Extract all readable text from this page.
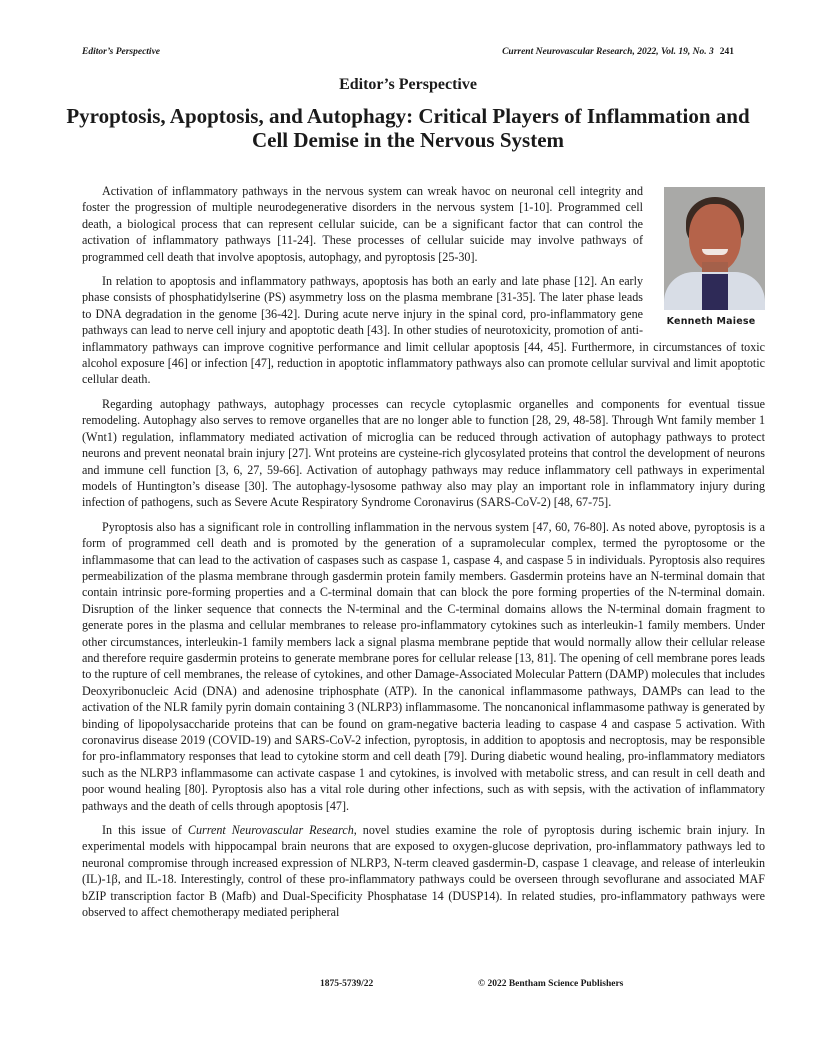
Editor’s Perspective	Current Neurovascular Research, 2022, Vol. 19, No. 3 241
Editor’s Perspective
Pyroptosis, Apoptosis, and Autophagy: Critical Players of Inflammation and Cell Demise in the Nervous System
Kenneth Maiese

Activation of inflammatory pathways in the nervous system can wreak havoc on neuronal cell integrity and foster the progression of multiple neurodegenerative disorders in the nervous system [1-10]. Programmed cell death, a biological process that can represent cellular suicide, can be a significant factor that can control the activation of inflammatory pathways [11-24]. These processes of cellular suicide may involve pathways of programmed cell death that involve apoptosis, autophagy, and pyroptosis [25-30].

In relation to apoptosis and inflammatory pathways, apoptosis has both an early and late phase [12]. An early phase consists of phosphatidylserine (PS) asymmetry loss on the plasma membrane [31-35]. The later phase leads to DNA degradation in the genome [36-42]. During acute nerve injury in the spinal cord, pro-inflammatory gene pathways can lead to nerve cell injury and apoptotic death [43]. In other studies of neurotoxicity, promotion of anti-inflammatory pathways can improve cognitive performance and limit cellular apoptosis [44, 45]. Furthermore, in circumstances of toxic alcohol exposure [46] or infection [47], reduction in apoptotic inflammatory pathways also can promote cellular survival and limit apoptotic cellular death.

Regarding autophagy pathways, autophagy processes can recycle cytoplasmic organelles and components for eventual tissue remodeling. Autophagy also serves to remove organelles that are no longer able to function [28, 29, 48-58]. Through Wnt family member 1 (Wnt1) regulation, inflammatory mediated activation of microglia can be reduced through activation of autophagy pathways to protect neurons and prevent neonatal brain injury [27]. Wnt proteins are cysteine-rich glycosylated proteins that control the development of neurons and immune cell function [3, 6, 27, 59-66]. Activation of autophagy pathways may reduce inflammatory cell pathways in experimental models of Huntington’s disease [30]. The autophagy-lysosome pathway also may play an important role in inflammatory injury during infection of pathogens, such as Severe Acute Respiratory Syndrome Coronavirus (SARS-CoV-2) [48, 67-75].

Pyroptosis also has a significant role in controlling inflammation in the nervous system [47, 60, 76-80]. As noted above, pyroptosis is a form of programmed cell death and is promoted by the generation of a supramolecular complex, termed the pyroptosome or the inflammasome that can lead to the activation of caspases such as caspase 1, caspase 4, and caspase 5 in individuals. Pyroptosis also requires permeabilization of the plasma membrane through gasdermin protein family members. Gasdermin proteins have an N-terminal domain that contain intrinsic pore-forming properties and a C-terminal domain that can block the pore forming properties of the N-terminal domain. Disruption of the linker sequence that connects the N-terminal and the C-terminal domains allows the N-terminal domain fragment to generate pores in the plasma and cellular membranes to release pro-inflammatory cytokines such as interleukin-1 family members. Under other circumstances, interleukin-1 family members lack a signal plasma membrane peptide that would normally allow their cellular release and therefore require gasdermin proteins to generate membrane pores for cellular release [13, 81]. The opening of cell membrane pores leads to the rupture of cell membranes, the release of cytokines, and other Damage-Associated Molecular Pattern (DAMP) molecules that includes Deoxyribonucleic Acid (DNA) and adenosine triphosphate (ATP). In the canonical inflammasome pathways, DAMPs can lead to the activation of the NLR family pyrin domain containing 3 (NLRP3) inflammasome. The noncanonical inflammasome pathway is generated by binding of lipopolysaccharide proteins that can be found on gram-negative bacteria leading to caspase 4 and caspase 5 activation. With coronavirus disease 2019 (COVID-19) and SARS-CoV-2 infection, pyroptosis, in addition to apoptosis and necroptosis, may be responsible for pro-inflammatory responses that lead to cytokine storm and cell death [79]. During diabetic wound healing, pro-inflammatory mediators such as the NLRP3 inflammasome can activate caspase 1 and cytokines, is involved with metabolic stress, and can result in cell death and poor wound healing [80]. Pyroptosis also has a vital role during other infections, such as with sepsis, with the activation of inflammatory pathways and the death of cells through apoptosis [47].

In this issue of Current Neurovascular Research, novel studies examine the role of pyroptosis during ischemic brain injury. In experimental models with hippocampal brain neurons that are exposed to oxygen-glucose deprivation, pro-inflammatory pathways led to neuronal compromise through increased expression of NLRP3, N-term cleaved gasdermin-D, caspase 1 cleavage, and release of interleukin (IL)-1β, and IL-18. Interestingly, control of these pro-inflammatory pathways could be overseen through sevoflurane and associated MAF bZIP transcription factor B (Mafb) and Dual-Specificity Phosphatase 14 (DUSP14). In related studies, pro-inflammatory pathways were observed to affect chemotherapy mediated peripheral

1875-5739/22	© 2022 Bentham Science Publishers
